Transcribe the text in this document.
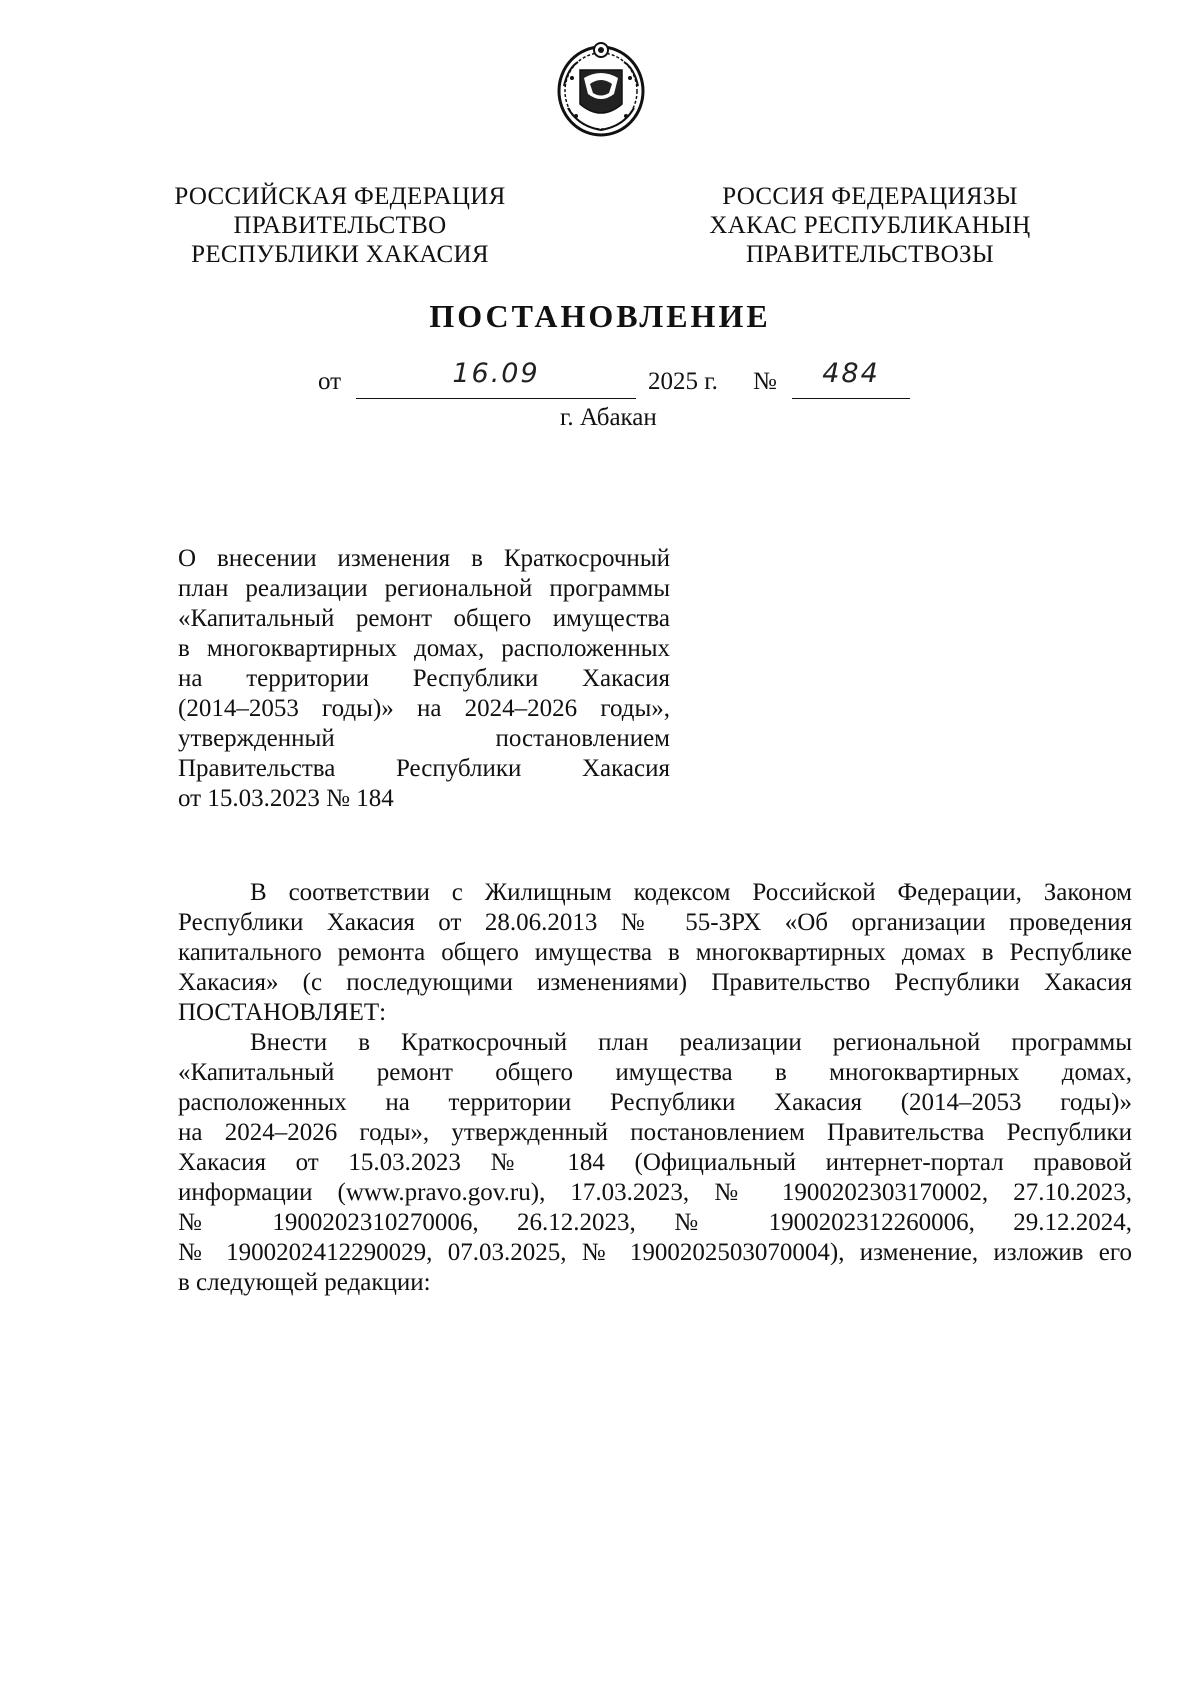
РОССИЙСКАЯ ФЕДЕРАЦИЯ
ПРАВИТЕЛЬСТВО
РЕСПУБЛИКИ ХАКАСИЯ
РОССИЯ ФЕДЕРАЦИЯЗЫ
ХАКАС РЕСПУБЛИКАНЫҢ
ПРАВИТЕЛЬСТВОЗЫ
ПОСТАНОВЛЕНИЕ
от	16.09	2025 г. №	484
г. Абакан
О внесении изменения в Краткосрочный
план реализации региональной программы
«Капитальный ремонт общего имущества
в многоквартирных домах, расположенных
на территории Республики Хакасия
(2014–2053 годы)» на 2024–2026 годы»,
утвержденный постановлением
Правительства Республики Хакасия
от 15.03.2023 № 184
В соответствии с Жилищным кодексом Российской Федерации, Законом
Республики Хакасия от 28.06.2013 № 55-ЗРХ «Об организации проведения
капитального ремонта общего имущества в многоквартирных домах в Республике
Хакасия» (с последующими изменениями) Правительство Республики Хакасия
ПОСТАНОВЛЯЕТ:
Внести в Краткосрочный план реализации региональной программы
«Капитальный ремонт общего имущества в многоквартирных домах,
расположенных на территории Республики Хакасия (2014–2053 годы)»
на 2024–2026 годы», утвержденный постановлением Правительства Республики
Хакасия от 15.03.2023 № 184 (Официальный интернет-портал правовой
информации (www.pravo.gov.ru), 17.03.2023, № 1900202303170002, 27.10.2023,
№ 1900202310270006, 26.12.2023, № 1900202312260006, 29.12.2024,
№ 1900202412290029, 07.03.2025, № 1900202503070004), изменение, изложив его
в следующей редакции:
